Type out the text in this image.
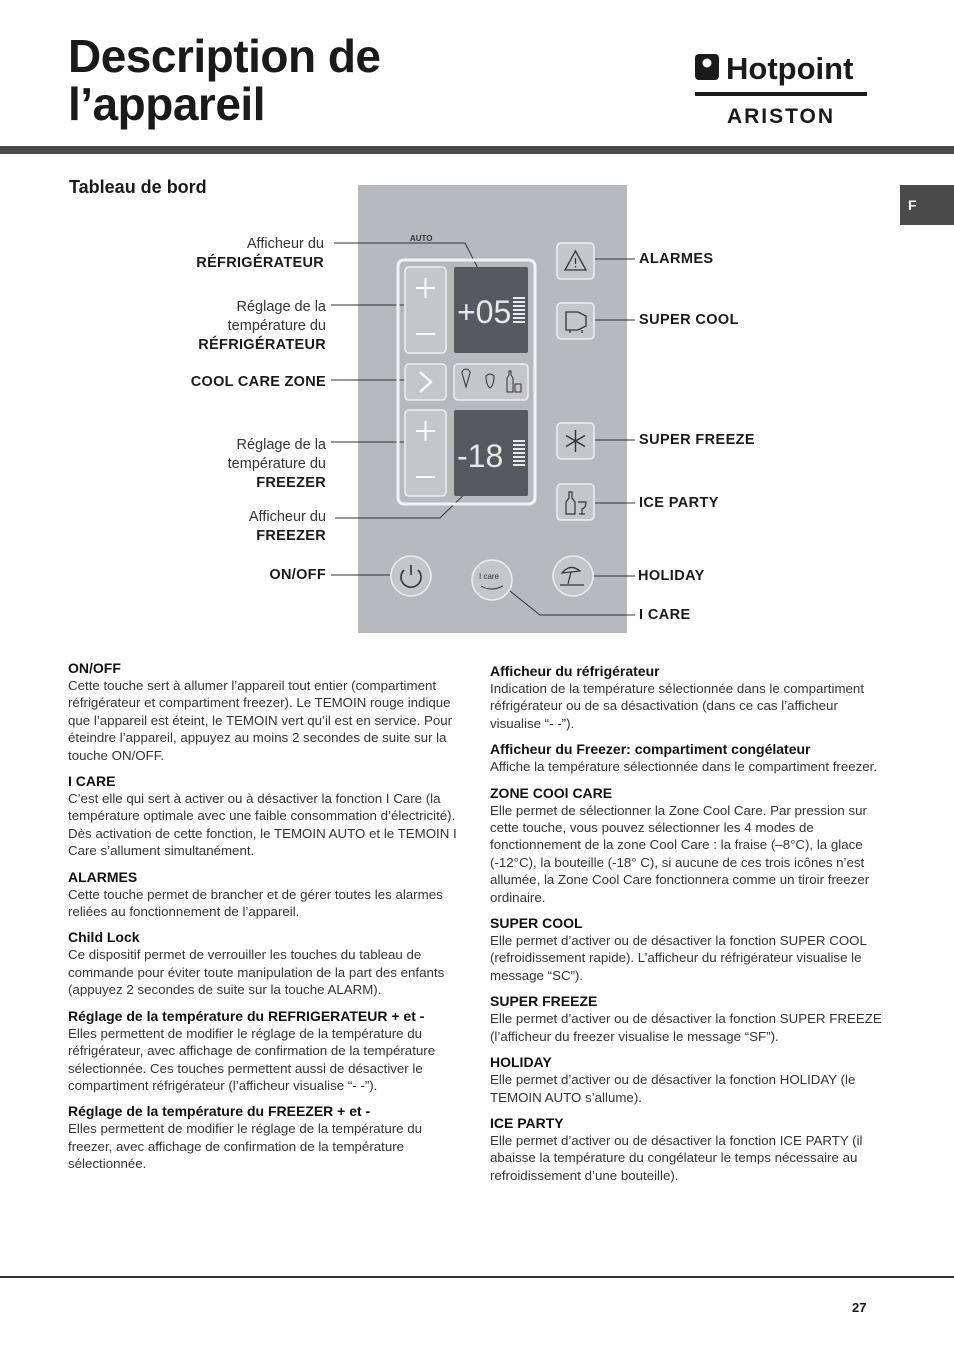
Description de
l’appareil
Hotpoint
ARISTON
F
Tableau de bord
AUTO
+05
-18
I care
Afficheur du
RÉFRIGÉRATEUR
Réglage de la
température du
RÉFRIGÉRATEUR
COOL CARE ZONE
Réglage de la
température du
FREEZER
Afficheur du
FREEZER
ON/OFF
ALARMES
SUPER COOL
SUPER FREEZE
ICE PARTY
HOLIDAY
I CARE
ON/OFF

Cette touche sert à allumer l’appareil tout entier (compartiment réfrigérateur et compartiment freezer). Le TEMOIN rouge indique que l’appareil est éteint, le TEMOIN vert qu’il est en service. Pour éteindre l’appareil, appuyez au moins 2 secondes de suite sur la touche ON/OFF.

I CARE

C’est elle qui sert à activer ou à désactiver la fonction I Care (la température optimale avec une faible consommation d’électricité). Dès activation de cette fonction, le TEMOIN AUTO et le TEMOIN I Care s’allument simultanément.

ALARMES

Cette touche permet de brancher et de gérer toutes les alarmes reliées au fonctionnement de l’appareil.

Child Lock

Ce dispositif permet de verrouiller les touches du tableau de commande pour éviter toute manipulation de la part des enfants (appuyez 2 secondes de suite sur la touche ALARM).

Réglage de la température du REFRIGERATEUR + et -

Elles permettent de modifier le réglage de la température du réfrigérateur, avec affichage de confirmation de la température sélectionnée. Ces touches permettent aussi de désactiver le compartiment réfrigérateur (l’afficheur visualise “- -”).

Réglage de la température du FREEZER + et -

Elles permettent de modifier le réglage de la température du freezer, avec affichage de confirmation de la température sélectionnée.

Afficheur du réfrigérateur

Indication de la température sélectionnée dans le compartiment réfrigérateur ou de sa désactivation (dans ce cas l’afficheur visualise “- -”).

Afficheur du Freezer: compartiment congélateur

Affiche la température sélectionnée dans le compartiment freezer.

ZONE COOl CARE

Elle permet de sélectionner la Zone Cool Care. Par pression sur cette touche, vous pouvez sélectionner les 4 modes de fonctionnement de la zone Cool Care : la fraise (–8°C), la glace (-12°C), la bouteille (-18° C), si aucune de ces trois icônes n’est allumée, la Zone Cool Care fonctionnera comme un tiroir freezer ordinaire.

SUPER COOL

Elle permet d’activer ou de désactiver la fonction SUPER COOL (refroidissement rapide). L’afficheur du réfrigérateur visualise le message “SC”).

SUPER FREEZE

Elle permet d’activer ou de désactiver la fonction SUPER FREEZE (l’afficheur du freezer visualise le message “SF”).

HOLIDAY

Elle permet d’activer ou de désactiver la fonction HOLIDAY (le TEMOIN AUTO s’allume).

ICE PARTY

Elle permet d’activer ou de désactiver la fonction ICE PARTY (il abaisse la température du congélateur le temps nécessaire au refroidissement d’une bouteille).

27
